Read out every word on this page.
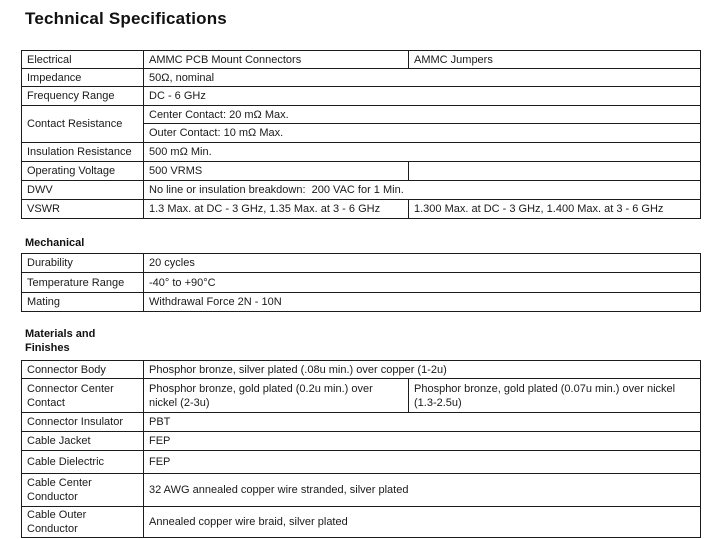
Technical Specifications
Electrical	AMMC PCB Mount Connectors	AMMC Jumpers
Impedance	50Ω, nominal	
Frequency Range	DC - 6 GHz	
Contact Resistance	Center Contact: 20 mΩ Max.	
	Outer Contact: 10 mΩ Max.	
Insulation Resistance	500 mΩ Min.	
Operating Voltage	500 VRMS	
DWV	No line or insulation breakdown:  200 VAC for 1 Min.	
VSWR	1.3 Max. at DC - 3 GHz, 1.35 Max. at 3 - 6 GHz	1.300 Max. at DC - 3 GHz, 1.400 Max. at 3 - 6 GHz
Mechanical
Durability	20 cycles
Temperature Range	-40° to +90°C
Mating	Withdrawal Force 2N - 10N
Materials and Finishes
Connector Body	Phosphor bronze, silver plated (.08u min.) over copper (1-2u)	
Connector Center Contact	Phosphor bronze, gold plated (0.2u min.) over nickel (2-3u)	Phosphor bronze, gold plated (0.07u min.) over nickel (1.3-2.5u)
Connector Insulator	PBT	
Cable Jacket	FEP	
Cable Dielectric	FEP	
Cable Center Conductor	32 AWG annealed copper wire stranded, silver plated	
Cable Outer Conductor	Annealed copper wire braid, silver plated	
